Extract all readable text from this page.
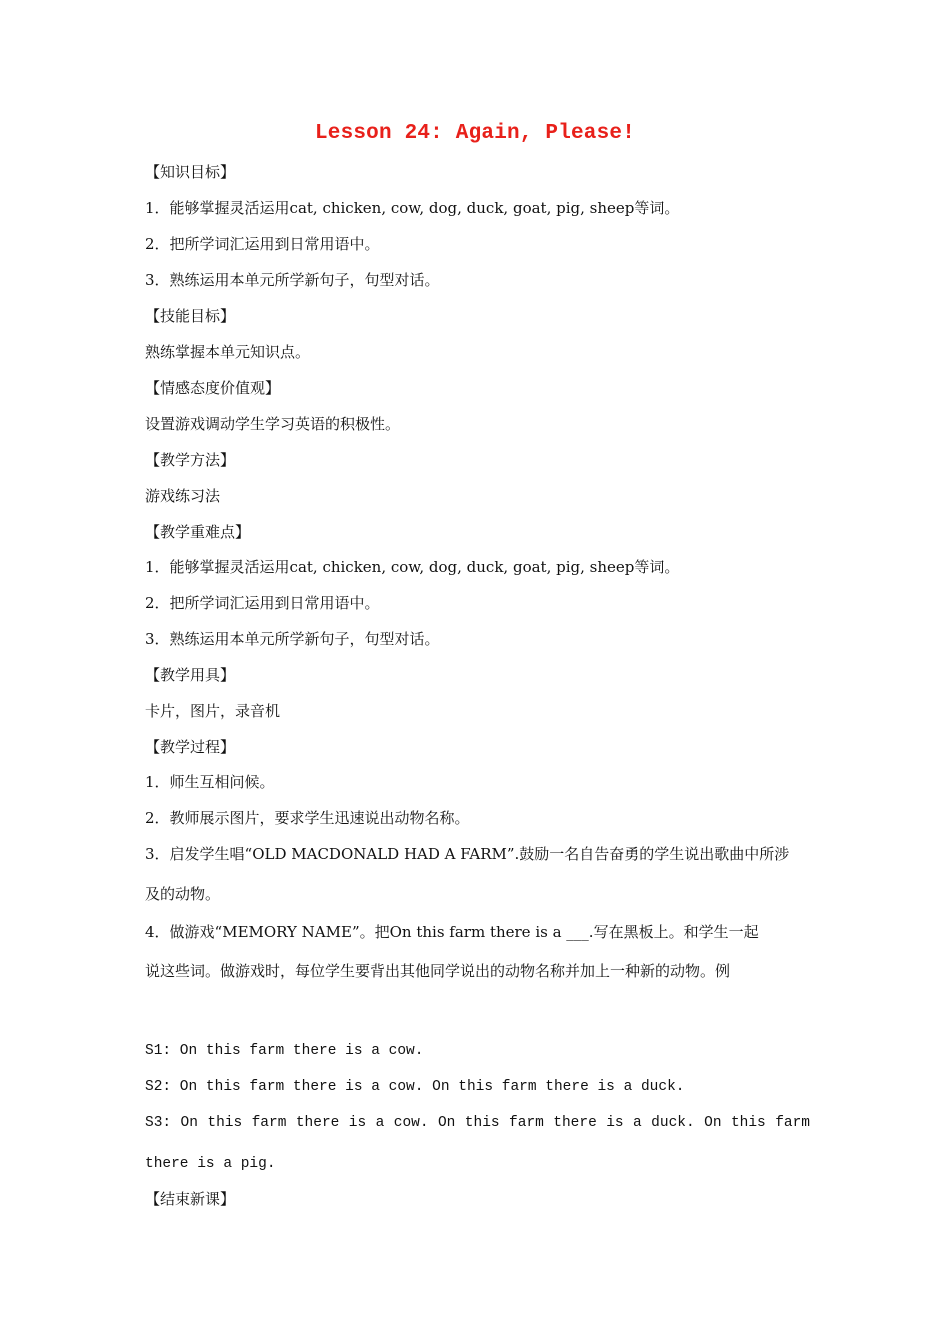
Lesson 24: Again, Please!
【知识目标】
1．能够掌握灵活运用cat, chicken, cow, dog, duck, goat, pig, sheep等词。
2．把所学词汇运用到日常用语中。
3．熟练运用本单元所学新句子，句型对话。
【技能目标】
熟练掌握本单元知识点。
【情感态度价值观】
设置游戏调动学生学习英语的积极性。
【教学方法】
游戏练习法
【教学重难点】
1．能够掌握灵活运用cat, chicken, cow, dog, duck, goat, pig, sheep等词。
2．把所学词汇运用到日常用语中。
3．熟练运用本单元所学新句子，句型对话。
【教学用具】
卡片，图片，录音机
【教学过程】
1．师生互相问候。
2．教师展示图片，要求学生迅速说出动物名称。
3．启发学生唱“OLD MACDONALD HAD A FARM”.鼓励一名自告奋勇的学生说出歌曲中所涉
及的动物。
4．做游戏“MEMORY NAME”。把On this farm there is a ___.写在黑板上。和学生一起
说这些词。做游戏时，每位学生要背出其他同学说出的动物名称并加上一种新的动物。例
S1: On this farm there is a cow.
S2: On this farm there is a cow. On this farm there is a duck.
S3: On this farm there is a cow. On this farm there is a duck. On this farm
there is a pig.
【结束新课】
